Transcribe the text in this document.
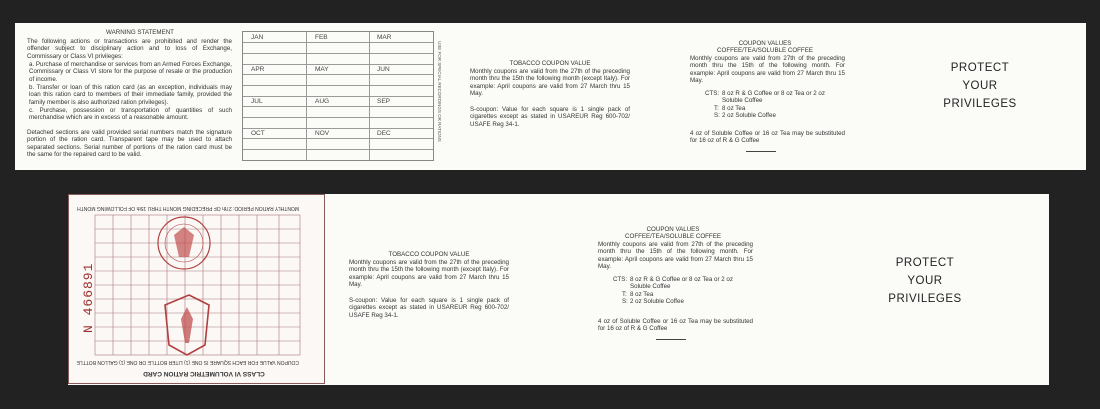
WARNING STATEMENT
The following actions or transactions are prohibited and render the offender subject to disciplinary action and to loss of Exchange, Commissary or Class VI privileges:
a. Purchase of merchandise or services from an Armed Forces Exchange, Commissary or Class VI store for the purpose of resale or the production of income.
b. Transfer or loan of this ration card (as an exception, individuals may loan this ration card to members of their immediate family, provided the family member is also authorized ration privileges).
c. Purchase, possession or transportation of quantities of such merchandise which are in excess of a reasonable amount.
Detached sections are valid provided serial numbers match the signature portion of the ration card. Transparent tape may be used to attach separated sections. Serial number of portions of the ration card must be the same for the repaired card to be valid.
JAN	FEB	MAR
APR	MAY	JUN
JUL	AUG	SEP
OCT	NOV	DEC	USE FOR SPECIAL RECORDINGS OR RATIONS	TOBACCO COUPON VALUE
Monthly coupons are valid from the 27th of the preceding month thru the 15th the following month (except Italy). For example: April coupons are valid from 27 March thru 15 May.
S-coupon: Value for each square is 1 single pack of cigarettes except as stated in USAREUR Reg 600-702/ USAFE Reg 34-1.
COUPON VALUES
COFFEE/TEA/SOLUBLE COFFEE
Monthly coupons are valid from 27th of the preceding month thru the 15th of the following month. For example: April coupons are valid from 27 March thru 15 May.
CTS: 8 oz R & G Coffee or 8 oz Tea or 2 oz Soluble Coffee
T: 8 oz Tea
S: 2 oz Soluble Coffee
4 oz of Soluble Coffee or 16 oz Tea may be substituted for 16 oz of R & G Coffee
PROTECT
YOUR
PRIVILEGES
MONTHLY RATION PERIOD: 27th OF PRECEDING MONTH THRU 15th OF FOLLOWING MONTH
COUPON VALUE FOR EACH SQUARE IS ONE (1) LITER BOTTLE OR ONE (1) GALLON BOTTLE
CLASS VI VOLUMETRIC RATION CARD
N 466891
TOBACCO COUPON VALUE
Monthly coupons are valid from the 27th of the preceding month thru the 15th the following month (except Italy). For example: April coupons are valid from 27 March thru 15 May.
S-coupon: Value for each square is 1 single pack of cigarettes except as stated in USAREUR Reg 600-702/ USAFE Reg 34-1.
COUPON VALUES
COFFEE/TEA/SOLUBLE COFFEE
Monthly coupons are valid from 27th of the preceding month thru the 15th of the following month. For example: April coupons are valid from 27 March thru 15 May.
CTS: 8 oz R & G Coffee or 8 oz Tea or 2 oz Soluble Coffee
T: 8 oz Tea
S: 2 oz Soluble Coffee
4 oz of Soluble Coffee or 16 oz Tea may be substituted for 16 oz of R & G Coffee
PROTECT
YOUR
PRIVILEGES
